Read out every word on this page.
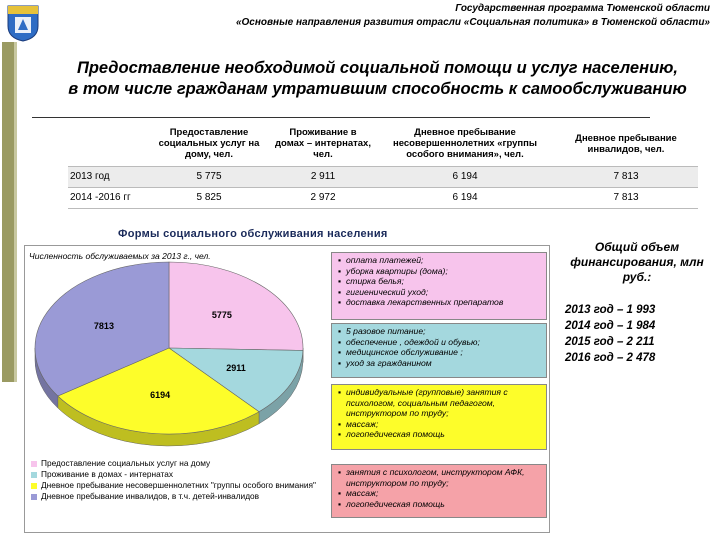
Государственная программа Тюменской области
«Основные направления развития отрасли «Социальная политика» в Тюменской области»
Предоставление необходимой социальной помощи и услуг населению,
в том числе гражданам утратившим способность к самообслуживанию
	Предоставление социальных услуг на дому, чел.	Проживание в домах – интернатах, чел.	Дневное пребывание несовершеннолетних «группы особого внимания», чел.	Дневное пребывание инвалидов, чел.
2013 год	5 775	2 911	6 194	7 813
2014 -2016 гг	5 825	2 972	6 194	7 813
Формы социального обслуживания населения
Численность обслуживаемых за 2013 г., чел.
5775
2911
6194
7813
Предоставление социальных услуг на дому
Проживание в домах - интернатах
Дневное пребывание несовершеннолетних "группы особого внимания"
Дневное пребывание инвалидов, в т.ч. детей-инвалидов
▪ оплата платежей;
▪ уборка квартиры (дома);
▪ стирка белья;
▪ гигиенический уход;
▪ доставка лекарственных препаратов
▪ 5 разовое питание;
▪ обеспечение , одеждой и обувью;
▪ медицинское обслуживание ;
▪ уход за гражданином
▪ индивидуальные (групповые) занятия с психологом, социальным педагогом, инструктором по труду;
▪ массаж;
▪ логопедическая помощь
▪ занятия с психологом, инструктором АФК, инструктором по труду;
▪ массаж;
▪ логопедическая помощь
Общий объем финансирования, млн руб.:
2013 год – 1 993
2014 год – 1 984
2015 год – 2 211
2016 год – 2 478
